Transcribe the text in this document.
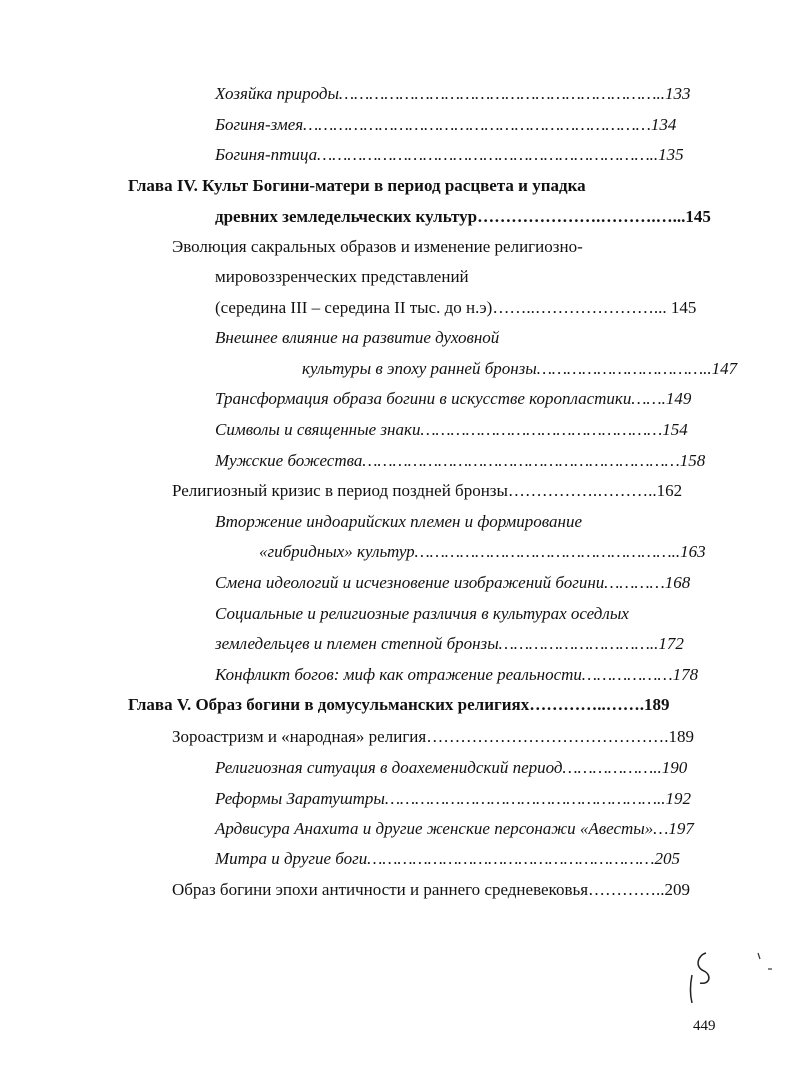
Хозяйка природы………………………………………………………..133
Богиня-змея……………………………………………………………134
Богиня-птица…………………………………………………………..135
Глава IV. Культ Богини-матери в период расцвета и упадка
древних земледельческих культур………………….……….…...145
Эволюция сакральных образов и изменение религиозно-
мировоззренческих представлений
(середина III – середина II тыс. до н.э)……..…………………... 145
Внешнее влияние на развитие духовной
культуры в эпоху ранней бронзы……………………………..147
Трансформация образа богини в искусстве коропластики…….149
Символы и священные знаки…………………………………………154
Мужские божества………………………………………………………158
Религиозный кризис в период поздней бронзы…………….………..162
Вторжение индоарийских племен и формирование
«гибридных» культур……………………………………………..163
Смена идеологий и исчезновение изображений богини…………168
Социальные и религиозные различия в культурах оседлых
земледельцев и племен степной бронзы…………………………..172
Конфликт богов: миф как отражение реальности………………178
Глава V. Образ богини в домусульманских религиях…………..…….189
Зороастризм и «народная» религия…………………………………….189
Религиозная ситуация в доахеменидский период………………..190
Реформы Заратуштры………………………………………………..192
Ардвисура Анахита и другие женские персонажи «Авесты»…197
Митра и другие боги…………………………………………………205
Образ богини эпохи античности и раннего средневековья…………..209
449
